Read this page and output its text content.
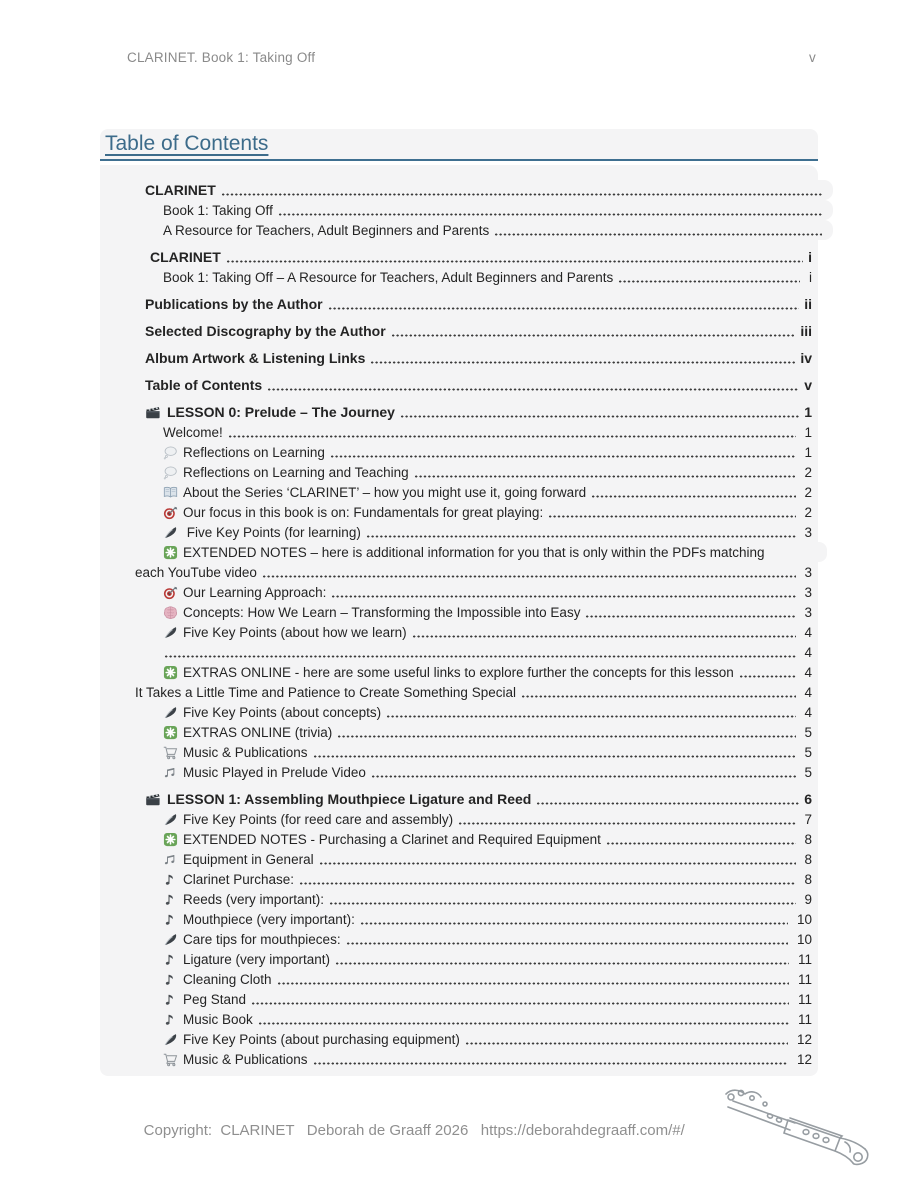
CLARINET. Book 1: Taking Off	v
Table of Contents
CLARINET
Book 1: Taking Off
A Resource for Teachers, Adult Beginners and Parents
CLARINET	i
Book 1: Taking Off – A Resource for Teachers, Adult Beginners and Parents	i
Publications by the Author	ii
Selected Discography by the Author	iii
Album Artwork & Listening Links	iv
Table of Contents	v
LESSON 0: Prelude – The Journey	1
Welcome!	1
Reflections on Learning	1
Reflections on Learning and Teaching	2
About the Series ‘CLARINET’ – how you might use it, going forward	2
Our focus in this book is on: Fundamentals for great playing:	2
Five Key Points (for learning)	3
EXTENDED NOTES – here is additional information for you that is only within the PDFs matching
each YouTube video	3
Our Learning Approach:	3
Concepts: How We Learn – Transforming the Impossible into Easy	3
Five Key Points (about how we learn)	4
4
EXTRAS ONLINE - here are some useful links to explore further the concepts for this lesson	4
It Takes a Little Time and Patience to Create Something Special	4
Five Key Points (about concepts)	4
EXTRAS ONLINE (trivia)	5
Music & Publications	5
Music Played in Prelude Video	5
LESSON 1: Assembling Mouthpiece Ligature and Reed	6
Five Key Points (for reed care and assembly)	7
EXTENDED NOTES - Purchasing a Clarinet and Required Equipment	8
Equipment in General	8
Clarinet Purchase:	8
Reeds (very important):	9
Mouthpiece (very important):	10
Care tips for mouthpieces:	10
Ligature (very important)	11
Cleaning Cloth	11
Peg Stand	11
Music Book	11
Five Key Points (about purchasing equipment)	12
Music & Publications	12

Copyright:  CLARINET   Deborah de Graaff 2026   https://deborahdegraaff.com/#/
